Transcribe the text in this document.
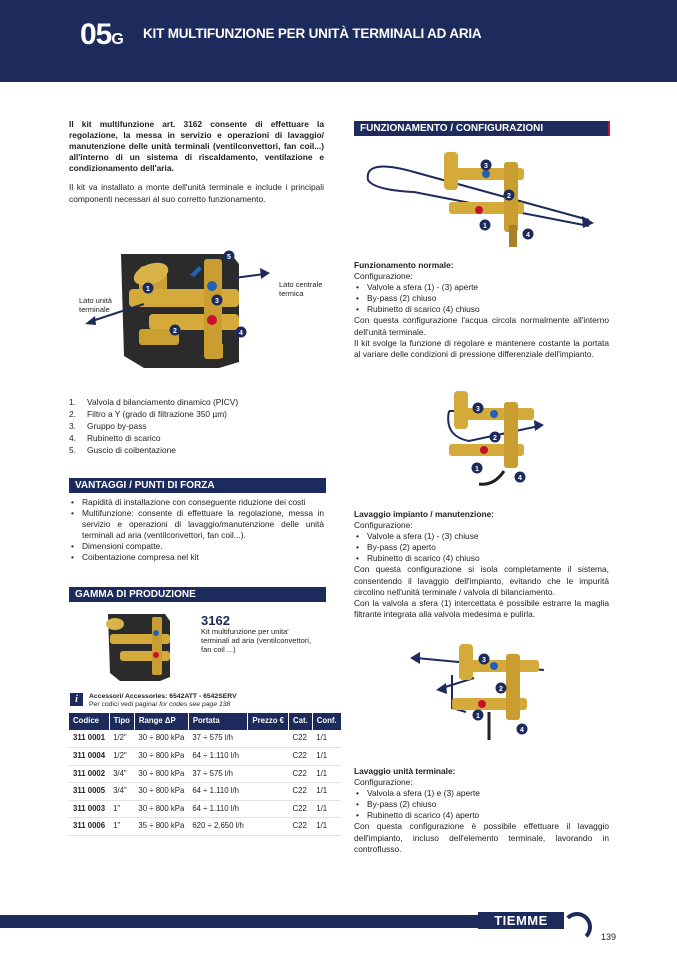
05G KIT MULTIFUNZIONE PER UNITÀ TERMINALI AD ARIA

Il kit multifunzione art. 3162 consente di effettuare la regolazione, la messa in servizio e operazioni di lavaggio/ manutenzione delle unità terminali (ventilconvettori, fan coil...) all'interno di un sistema di riscaldamento, ventilazione e condizionamento dell'aria.

Il kit va installato a monte dell'unità terminale e include i principali componenti necessari al suo corretto funzionamento.

1
2
3
4
5
Lato unità terminale
Lato centrale termica
1. Valvola d bilanciamento dinamico (PICV)
2. Filtro a Y (grado di filtrazione 350 µm)
3. Gruppo by-pass
4. Rubinetto di scarico
5. Guscio di coibentazione
VANTAGGI / PUNTI DI FORZA
• Rapidità di installazione con conseguente riduzione dei costi
• Multifunzione: consente di effettuare la regolazione, messa in servizio e operazioni di lavaggio/manutenzione delle unità terminali ad aria (ventilconvettori, fan coil...).
• Dimensioni compatte.
• Coibentazione compresa nel kit
GAMMA DI PRODUZIONE
3162
Kit multifunzione per unita' terminali ad aria (ventilconvettori, fan coil ...)
i	Accessori/ Accessories: 6542ATT - 6542SERV
Per codici vedi pagina/ for codes see page 138
Codice	Tipo	Range ΔP	Portata	Prezzo €	Cat.	Conf.
311 0001	1/2"	30 ÷ 800 kPa	37 ÷ 575 l/h		C22	1/1
311 0004	1/2"	30 ÷ 800 kPa	64 ÷ 1.110 l/h		C22	1/1
311 0002	3/4"	30 ÷ 800 kPa	37 ÷ 575 l/h		C22	1/1
311 0005	3/4"	30 ÷ 800 kPa	64 ÷ 1.110 l/h		C22	1/1
311 0003	1"	30 ÷ 800 kPa	64 ÷ 1.110 l/h		C22	1/1
311 0006	1"	35 ÷ 800 kPa	620 ÷ 2.650 l/h		C22	1/1
FUNZIONAMENTO / CONFIGURAZIONI
3
2
1
4
Funzionamento normale:
Configurazione:
• Valvole a sfera (1) - (3) aperte
• By-pass (2) chiuso
• Rubinetto di scarico (4) chiuso
Con questa configurazione l'acqua circola normalmente all'interno dell'unità terminale.
Il kit svolge la funzione di regolare e mantenere costante la portata al variare delle condizioni di pressione differenziale dell'impianto.
3
2
1
4
Lavaggio impianto / manutenzione:
Configurazione:
• Valvole a sfera (1) - (3) chiuse
• By-pass (2) aperto
• Rubinetto di scarico (4) chiuso
Con questa configurazione si isola completamente il sistema, consentendo il lavaggio dell'impianto, evitando che le impurità circolino nell'unità terminale / valvola di bilanciamento.
Con la valvola a sfera (1) intercettata è possibile estrarre la maglia filtrante integrata alla valvola medesima e pulirla.
3
2
1
4
Lavaggio unità terminale:
Configurazione:
• Valvola a sfera (1) e (3) aperte
• By-pass (2) chiuso
• Rubinetto di scarico (4) aperto
Con questa configurazione è possibile effettuare il lavaggio dell'impianto, incluso dell'elemento terminale, lavorando in controflusso.
TIEMME
139
